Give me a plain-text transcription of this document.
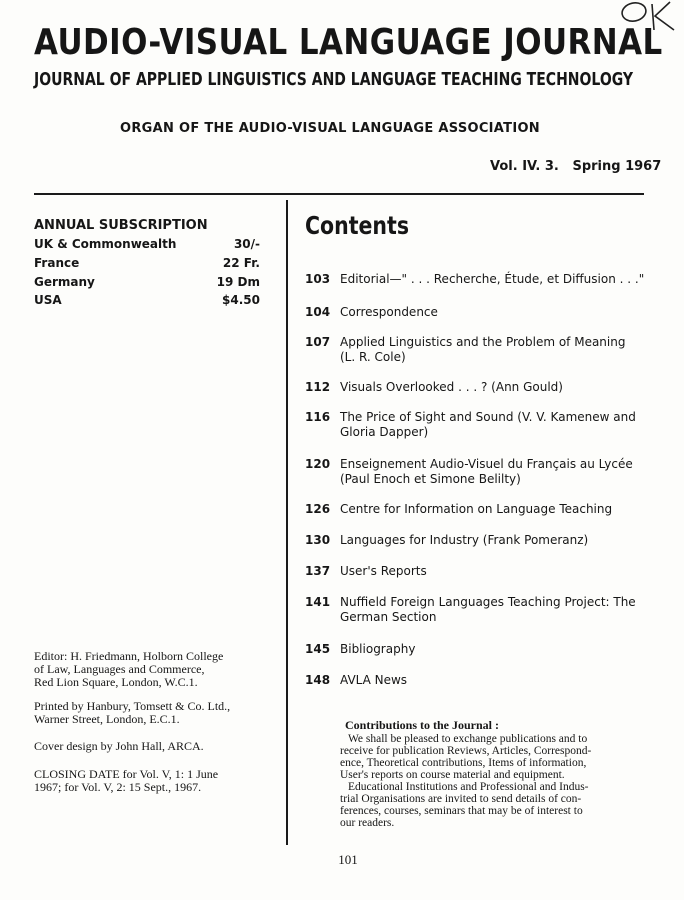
AUDIO-VISUAL LANGUAGE JOURNAL
JOURNAL OF APPLIED LINGUISTICS AND LANGUAGE TEACHING TECHNOLOGY
ORGAN OF THE AUDIO-VISUAL LANGUAGE ASSOCIATION
Vol. IV. 3. Spring 1967
ANNUAL SUBSCRIPTION
UK & Commonwealth	30/-
France	22 Fr.
Germany	19 Dm
USA	$4.50
Contents
103 Editorial—" . . . Recherche, Étude, et Diffusion . . ."
104 Correspondence
107 Applied Linguistics and the Problem of Meaning
(L. R. Cole)
112 Visuals Overlooked . . . ? (Ann Gould)
116 The Price of Sight and Sound (V. V. Kamenew and
Gloria Dapper)
120 Enseignement Audio-Visuel du Français au Lycée
(Paul Enoch et Simone Belilty)
126 Centre for Information on Language Teaching
130 Languages for Industry (Frank Pomeranz)
137 User's Reports
141 Nuffield Foreign Languages Teaching Project: The
German Section
145 Bibliography
148 AVLA News
Editor: H. Friedmann, Holborn College
of Law, Languages and Commerce,
Red Lion Square, London, W.C.1.
Printed by Hanbury, Tomsett & Co. Ltd.,
Warner Street, London, E.C.1.
Cover design by John Hall, ARCA.
CLOSING DATE for Vol. V, 1: 1 June
1967; for Vol. V, 2: 15 Sept., 1967.
Contributions to the Journal :
We shall be pleased to exchange publications and to
receive for publication Reviews, Articles, Correspond-
ence, Theoretical contributions, Items of information,
User's reports on course material and equipment.
Educational Institutions and Professional and Indus-
trial Organisations are invited to send details of con-
ferences, courses, seminars that may be of interest to
our readers.
101
